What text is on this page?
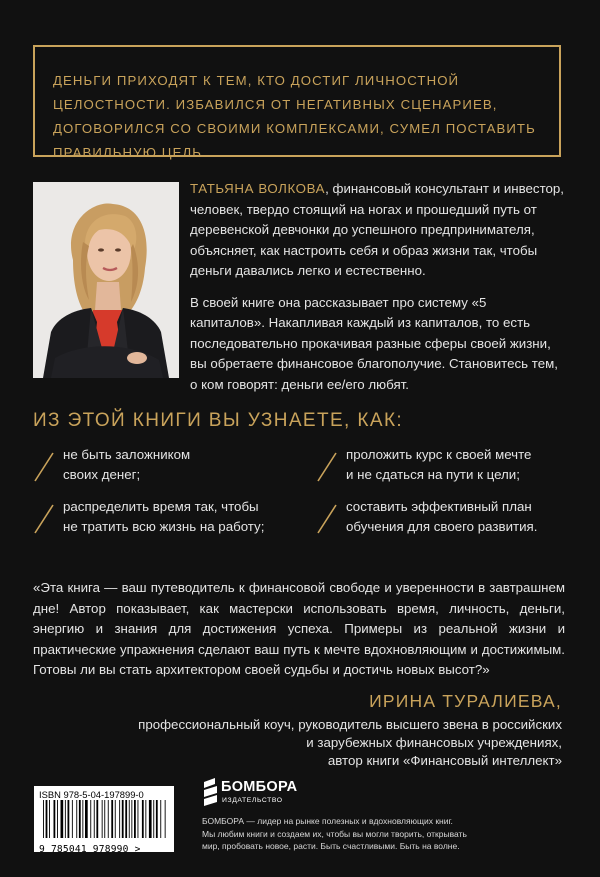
ДЕНЬГИ ПРИХОДЯТ К ТЕМ, КТО ДОСТИГ ЛИЧНОСТНОЙ ЦЕЛОСТНОСТИ. ИЗБАВИЛСЯ ОТ НЕГАТИВНЫХ СЦЕНАРИЕВ, ДОГОВОРИЛСЯ СО СВОИМИ КОМПЛЕКСАМИ, СУМЕЛ ПОСТАВИТЬ ПРАВИЛЬНУЮ ЦЕЛЬ.

ТАТЬЯНА ВОЛКОВА, финансовый консультант и инвестор, человек, твердо стоящий на ногах и прошедший путь от деревенской девчонки до успешного предпринимателя, объясняет, как настроить себя и образ жизни так, чтобы деньги давались легко и естественно.

В своей книге она рассказывает про систему «5 капиталов». Накапливая каждый из капиталов, то есть последовательно прокачивая разные сферы своей жизни, вы обретаете финансовое благополучие. Становитесь тем, о ком говорят: деньги ее/его любят.

ИЗ ЭТОЙ КНИГИ ВЫ УЗНАЕТЕ, КАК:
не быть заложником
своих денег;
проложить курс к своей мечте
и не сдаться на пути к цели;
распределить время так, чтобы
не тратить всю жизнь на работу;
составить эффективный план
обучения для своего развития.

«Эта книга — ваш путеводитель к финансовой свободе и уверенности в завтрашнем дне! Автор показывает, как мастерски использовать время, личность, деньги, энергию и знания для достижения успеха. Примеры из реальной жизни и практические упражнения сделают ваш путь к мечте вдохновляющим и достижимым. Готовы ли вы стать архитектором своей судьбы и достичь новых высот?»

ИРИНА ТУРАЛИЕВА,
профессиональный коуч, руководитель высшего звена в российских
и зарубежных финансовых учреждениях,
автор книги «Финансовый интеллект»
ISBN 978-5-04-197899-0
9 785041 978990 >
БОМБОРА
ИЗДАТЕЛЬСТВО
БОМБОРА — лидер на рынке полезных и вдохновляющих книг.
Мы любим книги и создаем их, чтобы вы могли творить, открывать
мир, пробовать новое, расти. Быть счастливыми. Быть на волне.
